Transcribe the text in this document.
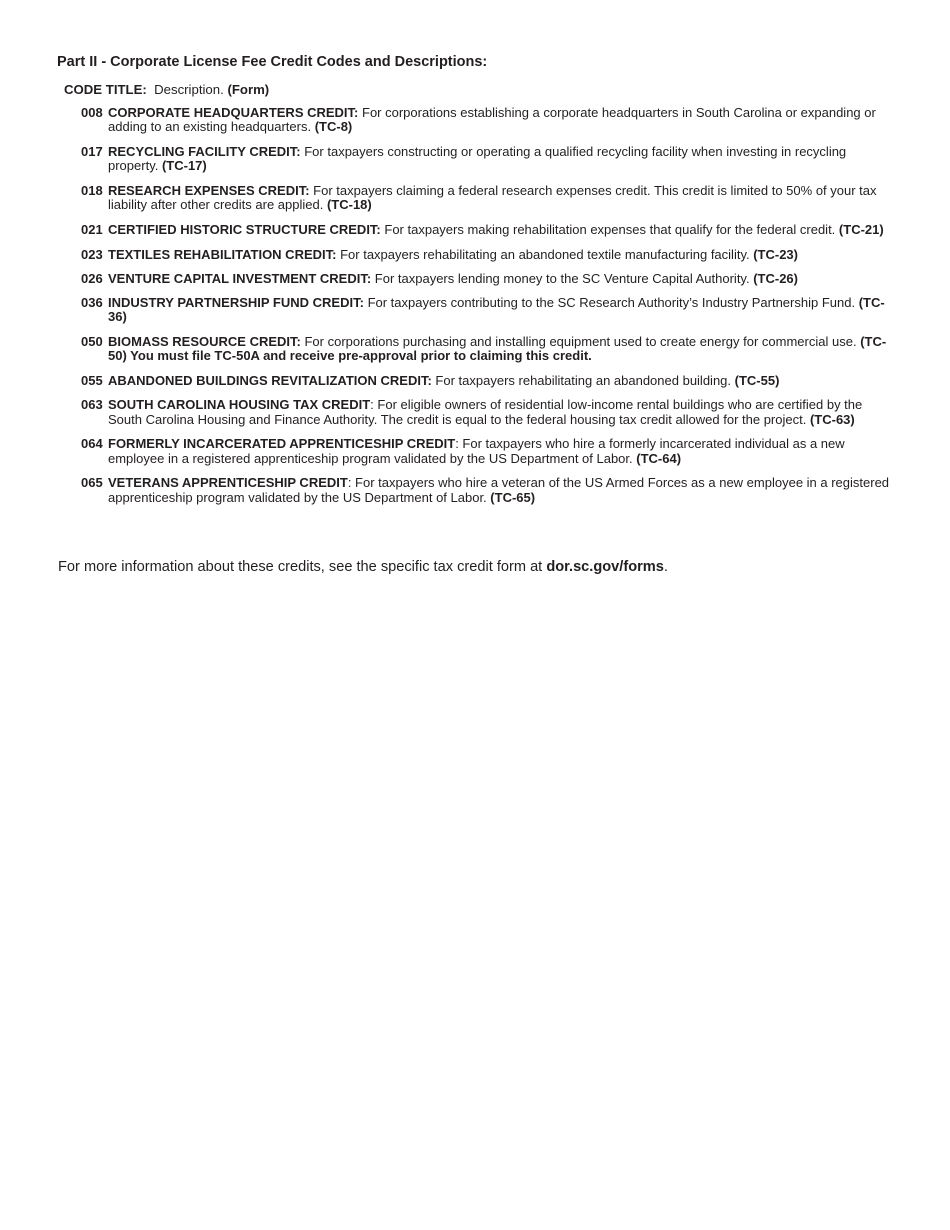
Part II - Corporate License Fee Credit Codes and Descriptions:
CODE TITLE: Description. (Form)
008 CORPORATE HEADQUARTERS CREDIT: For corporations establishing a corporate headquarters in South Carolina or expanding or adding to an existing headquarters. (TC-8)
017 RECYCLING FACILITY CREDIT: For taxpayers constructing or operating a qualified recycling facility when investing in recycling property. (TC-17)
018 RESEARCH EXPENSES CREDIT: For taxpayers claiming a federal research expenses credit. This credit is limited to 50% of your tax liability after other credits are applied. (TC-18)
021 CERTIFIED HISTORIC STRUCTURE CREDIT: For taxpayers making rehabilitation expenses that qualify for the federal credit. (TC-21)
023 TEXTILES REHABILITATION CREDIT: For taxpayers rehabilitating an abandoned textile manufacturing facility. (TC-23)
026 VENTURE CAPITAL INVESTMENT CREDIT: For taxpayers lending money to the SC Venture Capital Authority. (TC-26)
036 INDUSTRY PARTNERSHIP FUND CREDIT: For taxpayers contributing to the SC Research Authority’s Industry Partnership Fund. (TC-36)
050 BIOMASS RESOURCE CREDIT: For corporations purchasing and installing equipment used to create energy for commercial use. (TC-50) You must file TC-50A and receive pre-approval prior to claiming this credit.
055 ABANDONED BUILDINGS REVITALIZATION CREDIT: For taxpayers rehabilitating an abandoned building. (TC-55)
063 SOUTH CAROLINA HOUSING TAX CREDIT: For eligible owners of residential low-income rental buildings who are certified by the South Carolina Housing and Finance Authority. The credit is equal to the federal housing tax credit allowed for the project. (TC-63)
064 FORMERLY INCARCERATED APPRENTICESHIP CREDIT: For taxpayers who hire a formerly incarcerated individual as a new employee in a registered apprenticeship program validated by the US Department of Labor. (TC-64)
065 VETERANS APPRENTICESHIP CREDIT: For taxpayers who hire a veteran of the US Armed Forces as a new employee in a registered apprenticeship program validated by the US Department of Labor. (TC-65)
For more information about these credits, see the specific tax credit form at dor.sc.gov/forms.
